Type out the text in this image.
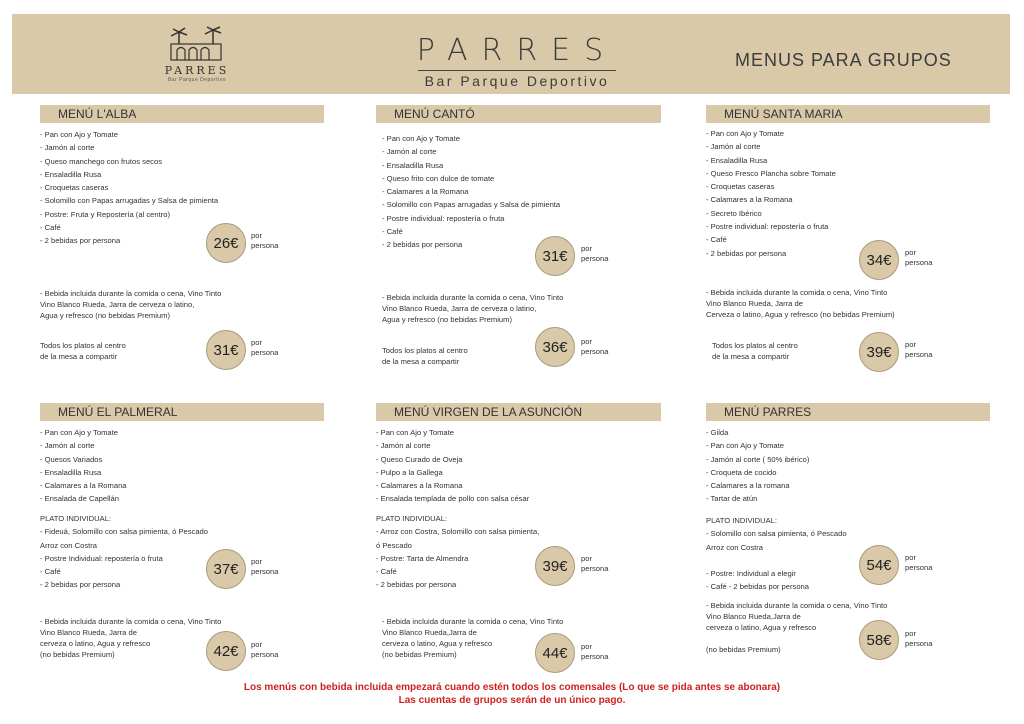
PARRES
Bar Parque Deportivo
PARRES
Bar Parque Deportivo
MENUS PARA GRUPOS
MENÚ L'ALBA
- Pan con Ajo y Tomate
- Jamón al corte
- Queso manchego con frutos secos
- Ensaladilla Rusa
- Croquetas caseras
- Solomillo con Papas arrugadas y Salsa de pimienta
- Postre: Fruta y Repostería (al centro)
- Café
- 2 bebidas por persona	26€	por
persona
- Bebida incluida durante la comida o cena, Vino Tinto
Vino Blanco Rueda, Jarra de cerveza o latino,
Agua y refresco (no bebidas Premium)
Todos los platos al centro
de la mesa a compartir	31€	por
persona
MENÚ CANTÓ
- Pan con Ajo y Tomate
- Jamón al corte
- Ensaladilla Rusa
- Queso frito con dulce de tomate
- Calamares a la Romana
- Solomillo con Papas arrugadas y Salsa de pimienta
- Postre individual: repostería o fruta
- Café
- 2 bebidas por persona
31€	por
persona
- Bebida incluida durante la comida o cena, Vino Tinto
Vino Blanco Rueda, Jarra de cerveza o latino,
Agua y refresco (no bebidas Premium)
Todos los platos al centro
de la mesa a compartir
36€	por
persona
MENÚ SANTA MARIA
- Pan con Ajo y Tomate
- Jamón al corte
- Ensaladilla Rusa
- Queso Fresco Plancha sobre Tomate
- Croquetas caseras
- Calamares a la Romana
- Secreto Ibérico
- Postre individual: repostería o fruta
- Café
- 2 bebidas por persona	34€	por
persona
- Bebida incluida durante la comida o cena, Vino Tinto
Vino Blanco Rueda, Jarra de
Cerveza o latino, Agua y refresco (no bebidas Premium)
Todos los platos al centro
de la mesa a compartir	39€	por
persona
MENÚ EL PALMERAL
- Pan con Ajo y Tomate
- Jamón al corte
- Quesos Variados
- Ensaladilla Rusa
- Calamares a la Romana
- Ensalada de Capellán
PLATO INDIVIDUAL:
- Fideuá, Solomillo con salsa pimienta, ó Pescado
Arroz con Costra
- Postre Individual: repostería o fruta
- Café
- 2 bebidas por persona
37€	por
persona
- Bebida incluida durante la comida o cena, Vino Tinto
Vino Blanco Rueda, Jarra de
cerveza o latino, Agua y refresco
(no bebidas Premium)	42€	por
persona
MENÚ VIRGEN DE LA ASUNCIÓN
- Pan con Ajo y Tomate
- Jamón al corte
- Queso Curado de Oveja
- Pulpo a la Gallega
- Calamares a la Romana
- Ensalada templada de pollo con salsa césar
PLATO INDIVIDUAL:
- Arroz con Costra, Solomillo con salsa pimienta,
ó Pescado
- Postre: Tarta de Almendra
- Café
- 2 bebidas por persona
39€	por
persona
- Bebida incluida durante la comida o cena, Vino Tinto
Vino Blanco Rueda,Jarra de
cerveza o latino, Agua y refresco
(no bebidas Premium)	44€	por
persona
MENÚ PARRES
- Gilda
- Pan con Ajo y Tomate
- Jamón al corte ( 50% ibérico)
- Croqueta de cocido
- Calamares a la romana
- Tartar de atún
PLATO INDIVIDUAL:
- Solomillo con salsa pimienta, ó Pescado
Arroz con Costra
- Postre: Individual a elegir
- Café - 2 bebidas por persona
54€	por
persona
- Bebida incluida durante la comida o cena, Vino Tinto
Vino Blanco Rueda,Jarra de
cerveza o latino, Agua y refresco

(no bebidas Premium)
58€	por
persona
Los menús con bebida incluida empezará cuando estén todos los comensales (Lo que se pida antes se abonara)
Las cuentas de grupos serán de un único pago.
